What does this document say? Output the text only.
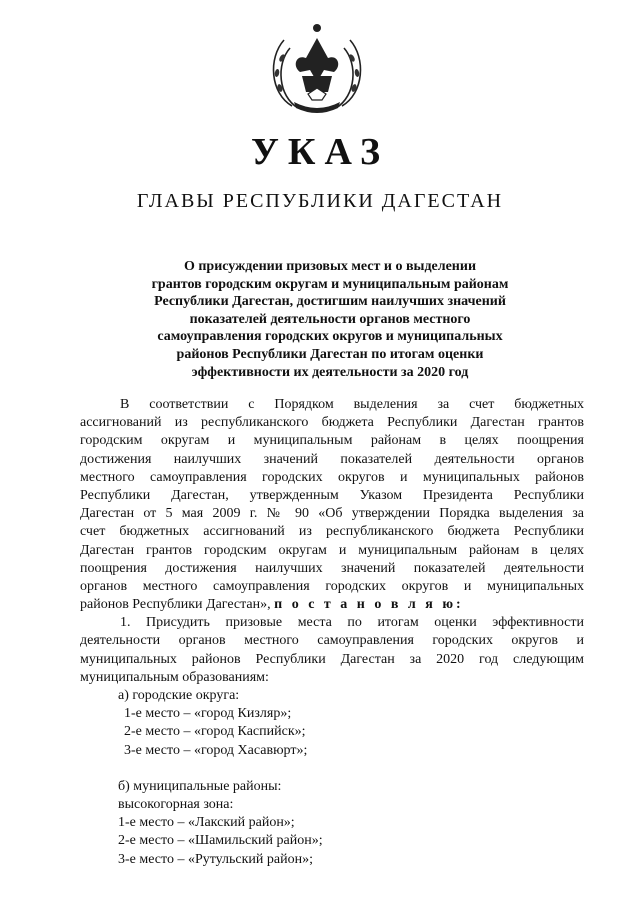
УКАЗ
ГЛАВЫ РЕСПУБЛИКИ ДАГЕСТАН
О присуждении призовых мест и о выделении
грантов городским округам и муниципальным районам
Республики Дагестан, достигшим наилучших значений
показателей деятельности органов местного
самоуправления городских округов и муниципальных
районов Республики Дагестан по итогам оценки
эффективности их деятельности за 2020 год
В соответствии с Порядком выделения за счет бюджетных
ассигнований из республиканского бюджета Республики Дагестан грантов
городским округам и муниципальным районам в целях поощрения
достижения наилучших значений показателей деятельности органов
местного самоуправления городских округов и муниципальных районов
Республики Дагестан, утвержденным Указом Президента Республики
Дагестан от 5 мая 2009 г. № 90 «Об утверждении Порядка выделения за
счет бюджетных ассигнований из республиканского бюджета Республики
Дагестан грантов городским округам и муниципальным районам в целях
поощрения достижения наилучших значений показателей деятельности
органов местного самоуправления городских округов и муниципальных
районов Республики Дагестан», п о с т а н о в л я ю:
1. Присудить призовые места по итогам оценки эффективности
деятельности органов местного самоуправления городских округов и
муниципальных районов Республики Дагестан за 2020 год следующим
муниципальным образованиям:
а) городские округа:
1-е место – «город Кизляр»;
2-е место – «город Каспийск»;
3-е место – «город Хасавюрт»;
б) муниципальные районы:
высокогорная зона:
1-е место – «Лакский район»;
2-е место – «Шамильский район»;
3-е место – «Рутульский район»;
